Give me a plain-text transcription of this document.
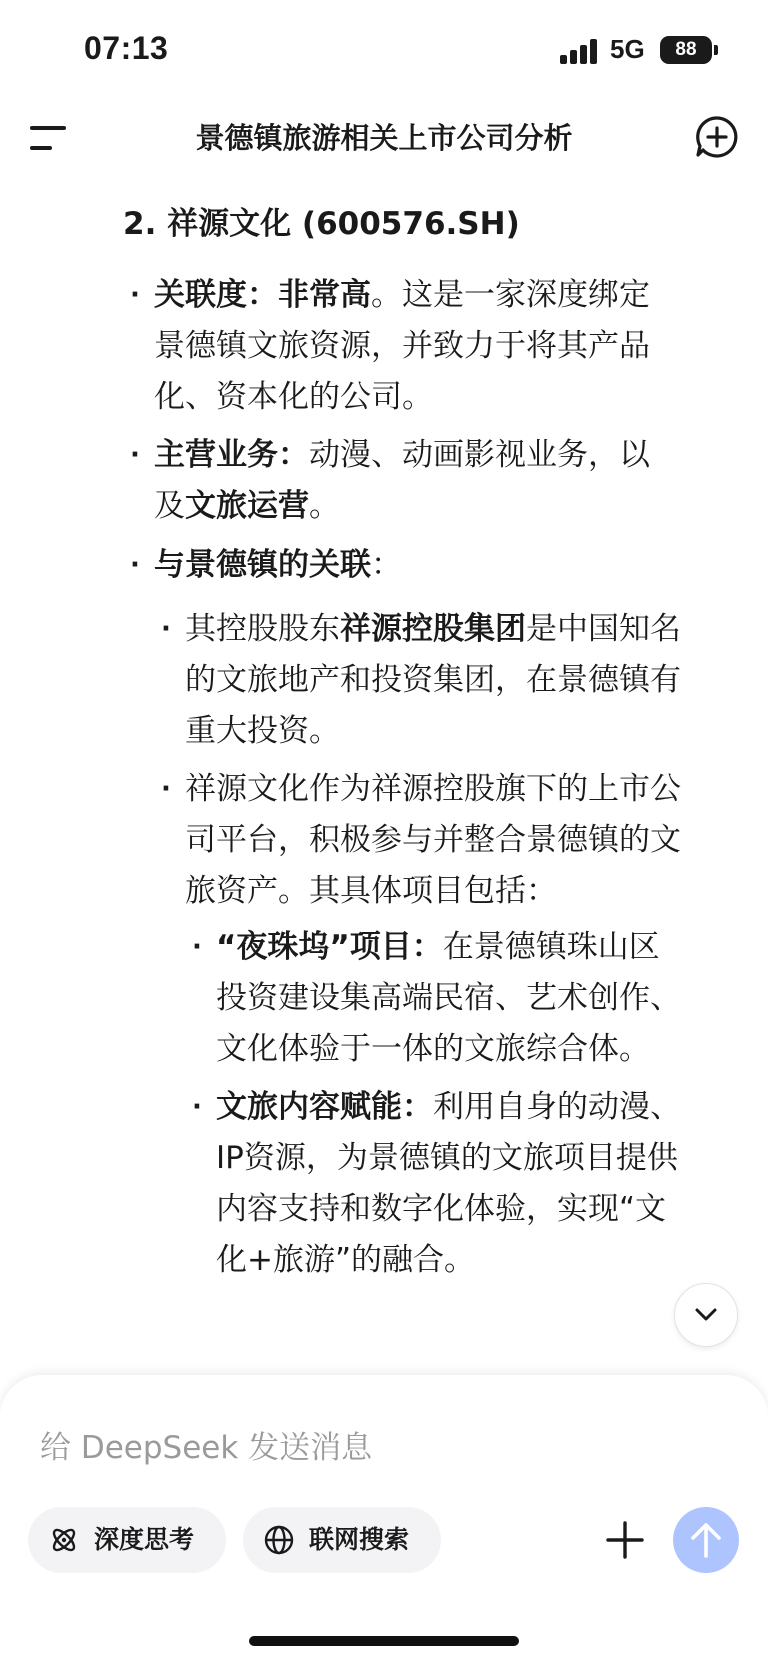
07:13	5G	88
景德镇旅游相关上市公司分析
2. 祥源文化 (600576.SH)
· 关联度：非常高。这是一家深度绑定
景德镇文旅资源，并致力于将其产品
化、资本化的公司。
· 主营业务：动漫、动画影视业务，以
及文旅运营。
· 与景德镇的关联：
· 其控股股东祥源控股集团是中国知名
的文旅地产和投资集团，在景德镇有
重大投资。
· 祥源文化作为祥源控股旗下的上市公
司平台，积极参与并整合景德镇的文
旅资产。其具体项目包括：
· “夜珠坞”项目：在景德镇珠山区
投资建设集高端民宿、艺术创作、
文化体验于一体的文旅综合体。
· 文旅内容赋能：利用自身的动漫、
IP资源，为景德镇的文旅项目提供
内容支持和数字化体验，实现“文
化+旅游”的融合。
给 DeepSeek 发送消息
深度思考	联网搜索
